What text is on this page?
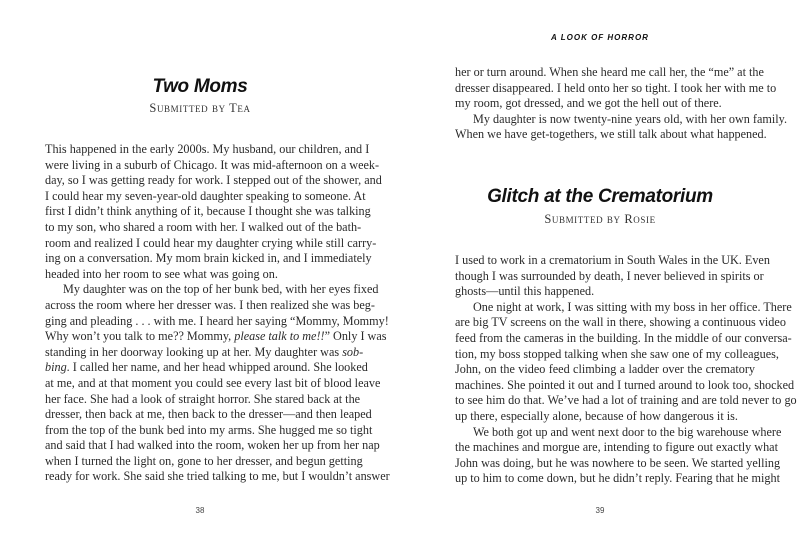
Two Moms
Submitted by Tea
This happened in the early 2000s. My husband, our children, and I
were living in a suburb of Chicago. It was mid-afternoon on a week-
day, so I was getting ready for work. I stepped out of the shower, and
I could hear my seven-year-old daughter speaking to someone. At
first I didn’t think anything of it, because I thought she was talking
to my son, who shared a room with her. I walked out of the bath-
room and realized I could hear my daughter crying while still carry-
ing on a conversation. My mom brain kicked in, and I immediately
headed into her room to see what was going on.
My daughter was on the top of her bunk bed, with her eyes fixed
across the room where her dresser was. I then realized she was beg-
ging and pleading . . . with me. I heard her saying “Mommy, Mommy!
Why won’t you talk to me?? Mommy, please talk to me!!” Only I was
standing in her doorway looking up at her. My daughter was sob-
bing. I called her name, and her head whipped around. She looked
at me, and at that moment you could see every last bit of blood leave
her face. She had a look of straight horror. She stared back at the
dresser, then back at me, then back to the dresser—and then leaped
from the top of the bunk bed into my arms. She hugged me so tight
and said that I had walked into the room, woken her up from her nap
when I turned the light on, gone to her dresser, and begun getting
ready for work. She said she tried talking to me, but I wouldn’t answer
38
A LOOK OF HORROR
her or turn around. When she heard me call her, the “me” at the
dresser disappeared. I held onto her so tight. I took her with me to
my room, got dressed, and we got the hell out of there.
My daughter is now twenty-nine years old, with her own family.
When we have get-togethers, we still talk about what happened.
Glitch at the Crematorium
Submitted by Rosie
I used to work in a crematorium in South Wales in the UK. Even
though I was surrounded by death, I never believed in spirits or
ghosts—until this happened.
One night at work, I was sitting with my boss in her office. There
are big TV screens on the wall in there, showing a continuous video
feed from the cameras in the building. In the middle of our conversa-
tion, my boss stopped talking when she saw one of my colleagues,
John, on the video feed climbing a ladder over the crematory
machines. She pointed it out and I turned around to look too, shocked
to see him do that. We’ve had a lot of training and are told never to go
up there, especially alone, because of how dangerous it is.
We both got up and went next door to the big warehouse where
the machines and morgue are, intending to figure out exactly what
John was doing, but he was nowhere to be seen. We started yelling
up to him to come down, but he didn’t reply. Fearing that he might
39
